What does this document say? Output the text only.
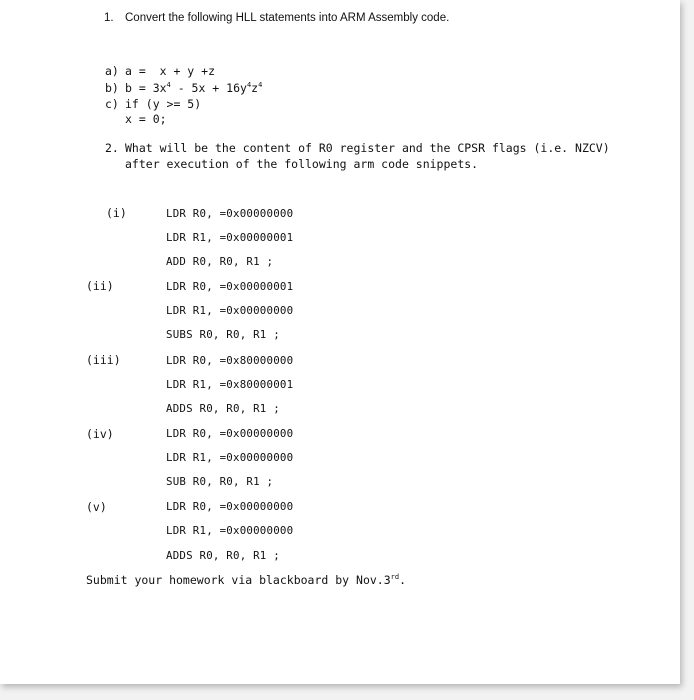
1. Convert the following HLL statements into ARM Assembly code.
a) a =  x + y +z
b) $b = 3x^4 - 5x + 16y^4z^4$
c) if (y >= 5)
x = 0;
2. What will be the content of R0 register and the CPSR flags (i.e. NZCV)
after execution of the following arm code snippets.
(i)	LDR R0, =0x00000000
LDR R1, =0x00000001
ADD R0, R0, R1 ;
(ii)	LDR R0, =0x00000001
LDR R1, =0x00000000
SUBS R0, R0, R1 ;
(iii)	LDR R0, =0x80000000
LDR R1, =0x80000001
ADDS R0, R0, R1 ;
(iv)	LDR R0, =0x00000000
LDR R1, =0x00000000
SUB R0, R0, R1 ;
(v)	LDR R0, =0x00000000
LDR R1, =0x00000000
ADDS R0, R0, R1 ;
Submit your homework via blackboard by Nov.3rd.
